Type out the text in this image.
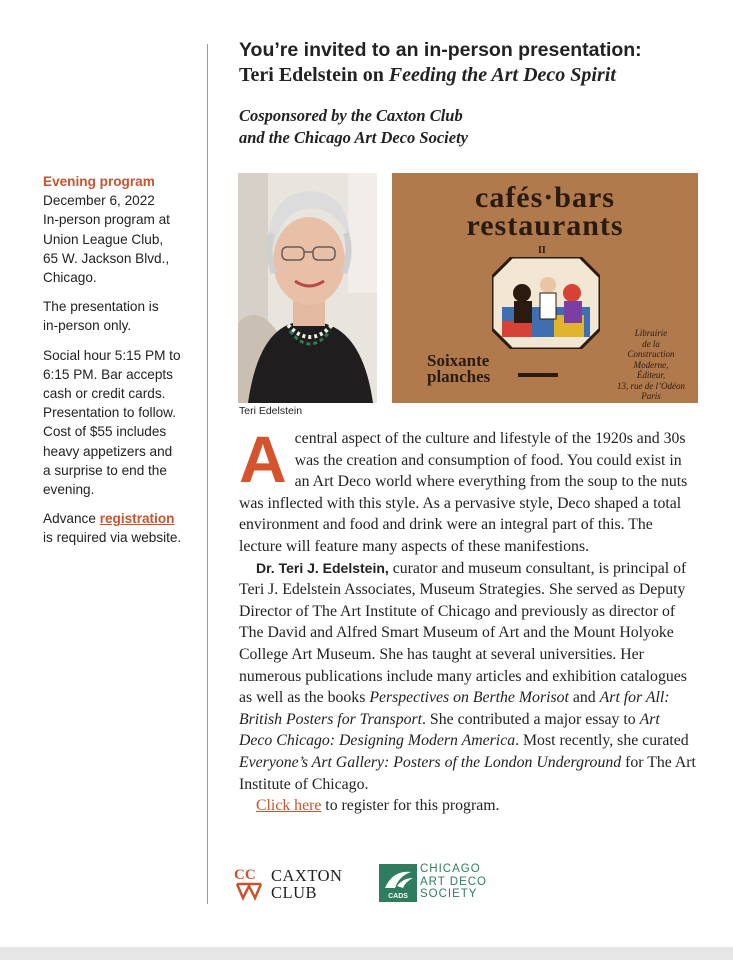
Evening program
December 6, 2022
In-person program at
Union League Club,
65 W. Jackson Blvd.,
Chicago.

The presentation is
in-person only.

Social hour 5:15 PM to
6:15 PM. Bar accepts
cash or credit cards.
Presentation to follow.
Cost of $55 includes
heavy appetizers and
a surprise to end the
evening.

Advance registration
is required via website.

You’re invited to an in-person presentation:
Teri Edelstein on Feeding the Art Deco Spirit
Cosponsored by the Caxton Club
and the Chicago Art Deco Society
Teri Edelstein
cafés·bars
restaurants
II
Soixante
planches
Librairie
de la
Construction
Moderne,
Éditeur,
13, rue de l’Odéon
Paris

Acentral aspect of the culture and lifestyle of the 1920s and 30s was the creation and consumption of food. You could exist in an Art Deco world where everything from the soup to the nuts was inflected with this style. As a pervasive style, Deco shaped a total environment and food and drink were an integral part of this. The lecture will feature many aspects of these manifestions.

Dr. Teri J. Edelstein, curator and museum consultant, is principal of Teri J. Edelstein Associates, Museum Strategies. She served as Deputy Director of The Art Institute of Chicago and previously as director of The David and Alfred Smart Museum of Art and the Mount Holyoke College Art Museum. She has taught at several universities. Her numerous publications include many articles and exhibition catalogues as well as the books Perspectives on Berthe Morisot and Art for All: British Posters for Transport. She contributed a major essay to Art Deco Chicago: Designing Modern America. Most recently, she curated Everyone’s Art Gallery: Posters of the London Underground for The Art Institute of Chicago.

Click here to register for this program.

CC CAXTON
CLUB	CADS
CHICAGO
ART DECO
SOCIETY
